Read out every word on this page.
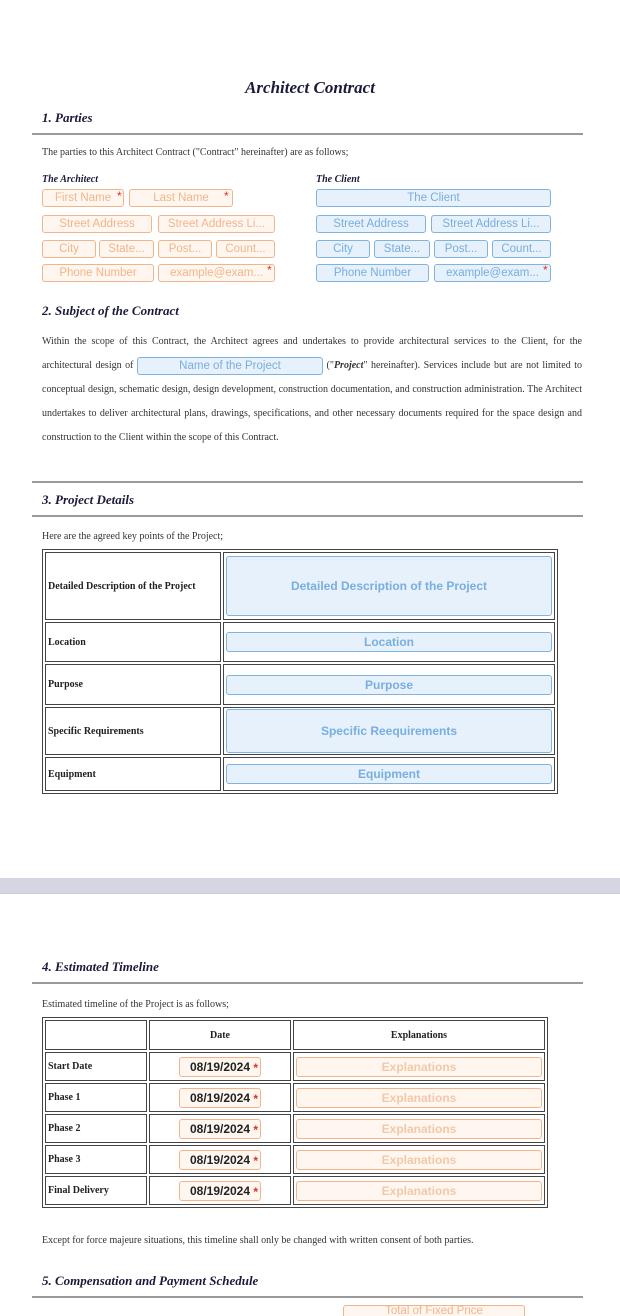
Architect Contract
1. Parties
The parties to this Architect Contract ("Contract" hereinafter) are as follows;
The Architect
First Name *	Last Name	*
Street Address	Street Address Li...
City	State...	Post...	Count...
Phone Number	example@exam... *
The Client
The Client
Street Address	Street Address Li...
City	State...	Post...	Count...
Phone Number	example@exam... *
2. Subject of the Contract
Within the scope of this Contract, the Architect agrees and undertakes to provide architectural services to the Client, for the architectural design of	Name of the Project	("Project" hereinafter). Services include but are not limited to conceptual design, schematic design, design development, construction documentation, and construction administration. The Architect undertakes to deliver architectural plans, drawings, specifications, and other necessary documents required for the space design and construction to the Client within the scope of this Contract.
3. Project Details
Here are the agreed key points of the Project;
Detailed Description of the Project	Detailed Description of the Project

Location	Location

Purpose	Purpose

Specific Requirements	Specific Reequirements

Equipment	Equipment
4. Estimated Timeline
Estimated timeline of the Project is as follows;
	Date	Explanations
Start Date	08/19/2024 *	Explanations

Phase 1	08/19/2024 *	Explanations

Phase 2	08/19/2024 *	Explanations

Phase 3	08/19/2024 *	Explanations

Final Delivery	08/19/2024 *	Explanations
Except for force majeure situations, this timeline shall only be changed with written consent of both parties.
5. Compensation and Payment Schedule
Total of Fixed Price
